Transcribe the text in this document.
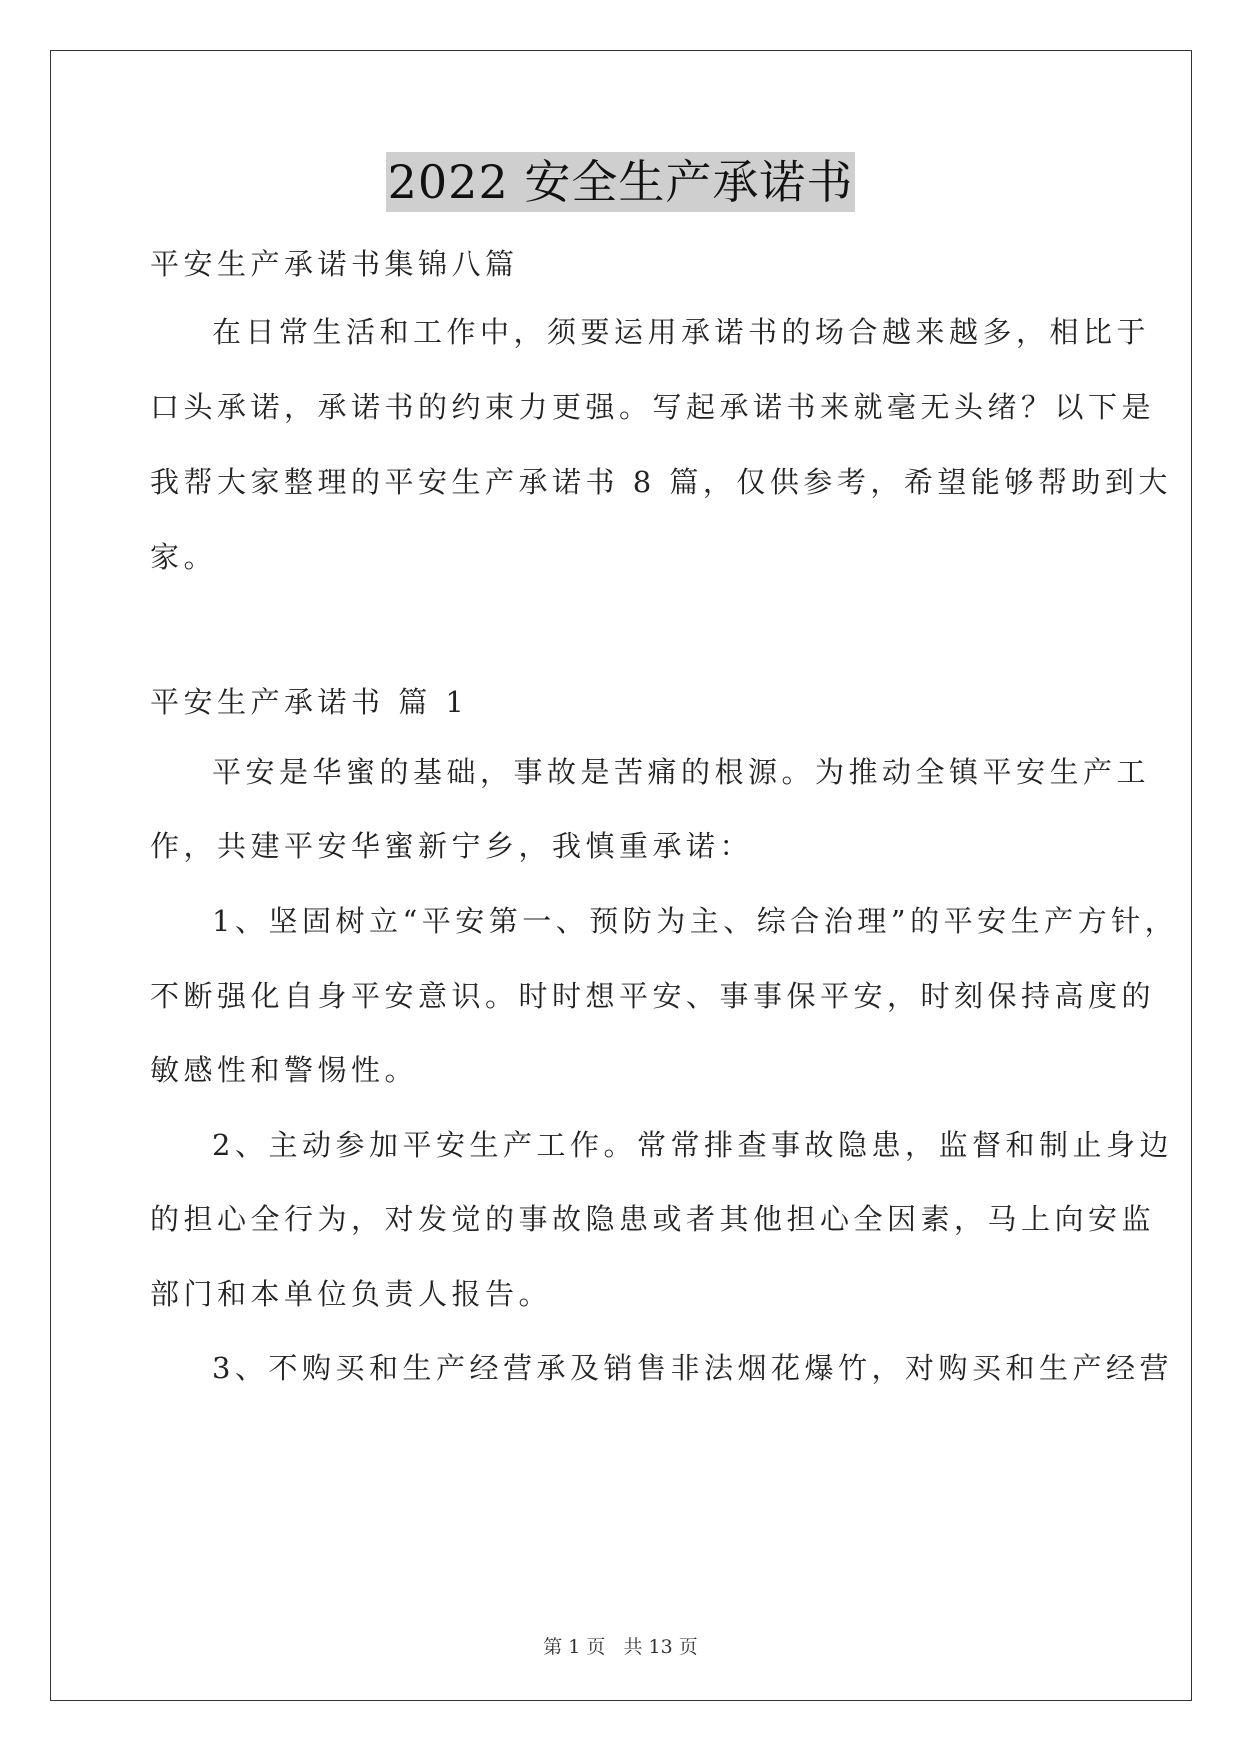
2022 安全生产承诺书
平安生产承诺书集锦八篇
在日常生活和工作中，须要运用承诺书的场合越来越多，相比于
口头承诺，承诺书的约束力更强。写起承诺书来就毫无头绪？以下是
我帮大家整理的平安生产承诺书 8 篇，仅供参考，希望能够帮助到大
家。
平安生产承诺书 篇 1
平安是华蜜的基础，事故是苦痛的根源。为推动全镇平安生产工
作，共建平安华蜜新宁乡，我慎重承诺：
1、坚固树立“平安第一、预防为主、综合治理”的平安生产方针，
不断强化自身平安意识。时时想平安、事事保平安，时刻保持高度的
敏感性和警惕性。
2、主动参加平安生产工作。常常排查事故隐患，监督和制止身边
的担心全行为，对发觉的事故隐患或者其他担心全因素，马上向安监
部门和本单位负责人报告。
3、不购买和生产经营承及销售非法烟花爆竹，对购买和生产经营
第 1 页 共 13 页
